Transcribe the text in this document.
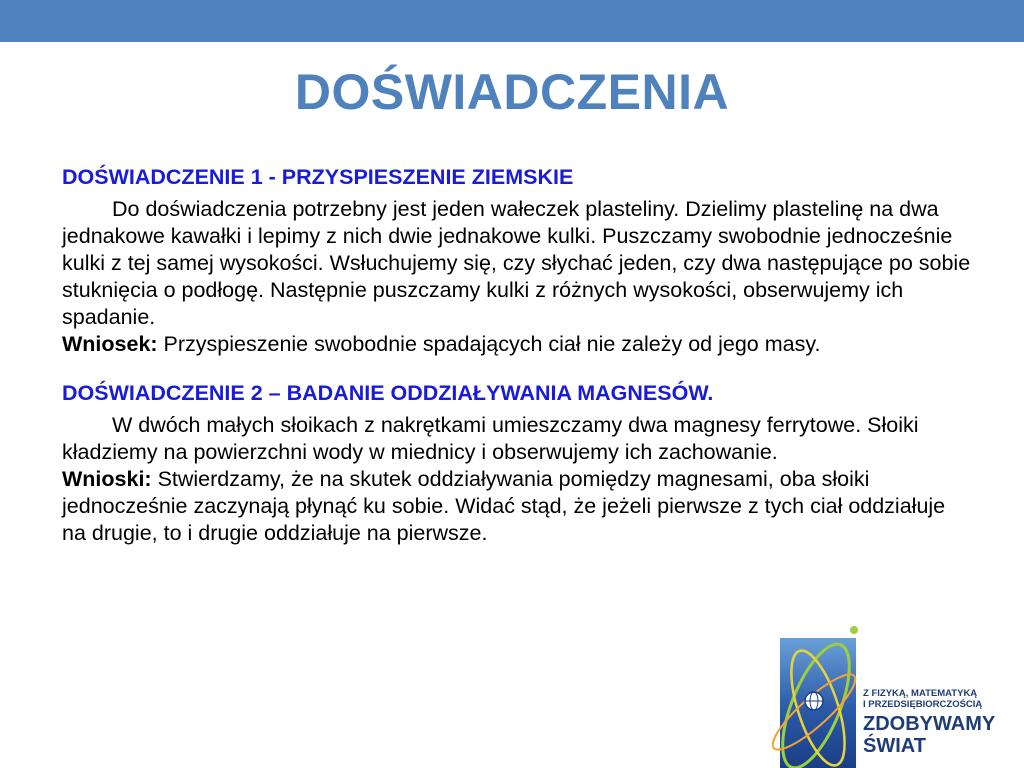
DOŚWIADCZENIA
DOŚWIADCZENIE 1 - PRZYSPIESZENIE ZIEMSKIE

Do doświadczenia potrzebny jest jeden wałeczek plasteliny. Dzielimy plastelinę na dwa jednakowe kawałki i lepimy z nich dwie jednakowe kulki. Puszczamy swobodnie jednocześnie kulki z tej samej wysokości. Wsłuchujemy się, czy słychać jeden, czy dwa następujące po sobie stuknięcia o podłogę. Następnie puszczamy kulki z różnych wysokości, obserwujemy ich spadanie.

Wniosek: Przyspieszenie swobodnie spadających ciał nie zależy od jego masy.

DOŚWIADCZENIE 2 – BADANIE ODDZIAŁYWANIA MAGNESÓW.

W dwóch małych słoikach z nakrętkami umieszczamy dwa magnesy ferrytowe. Słoiki kładziemy na powierzchni wody w miednicy i obserwujemy ich zachowanie.

Wnioski: Stwierdzamy, że na skutek oddziaływania pomiędzy magnesami, oba słoiki jednocześnie zaczynają płynąć ku sobie. Widać stąd, że jeżeli pierwsze z tych ciał oddziałuje na drugie, to i drugie oddziałuje na pierwsze.

Z FIZYKĄ, MATEMATYKĄ
I PRZEDSIĘBIORCZOŚCIĄ
ZDOBYWAMY
ŚWIAT
